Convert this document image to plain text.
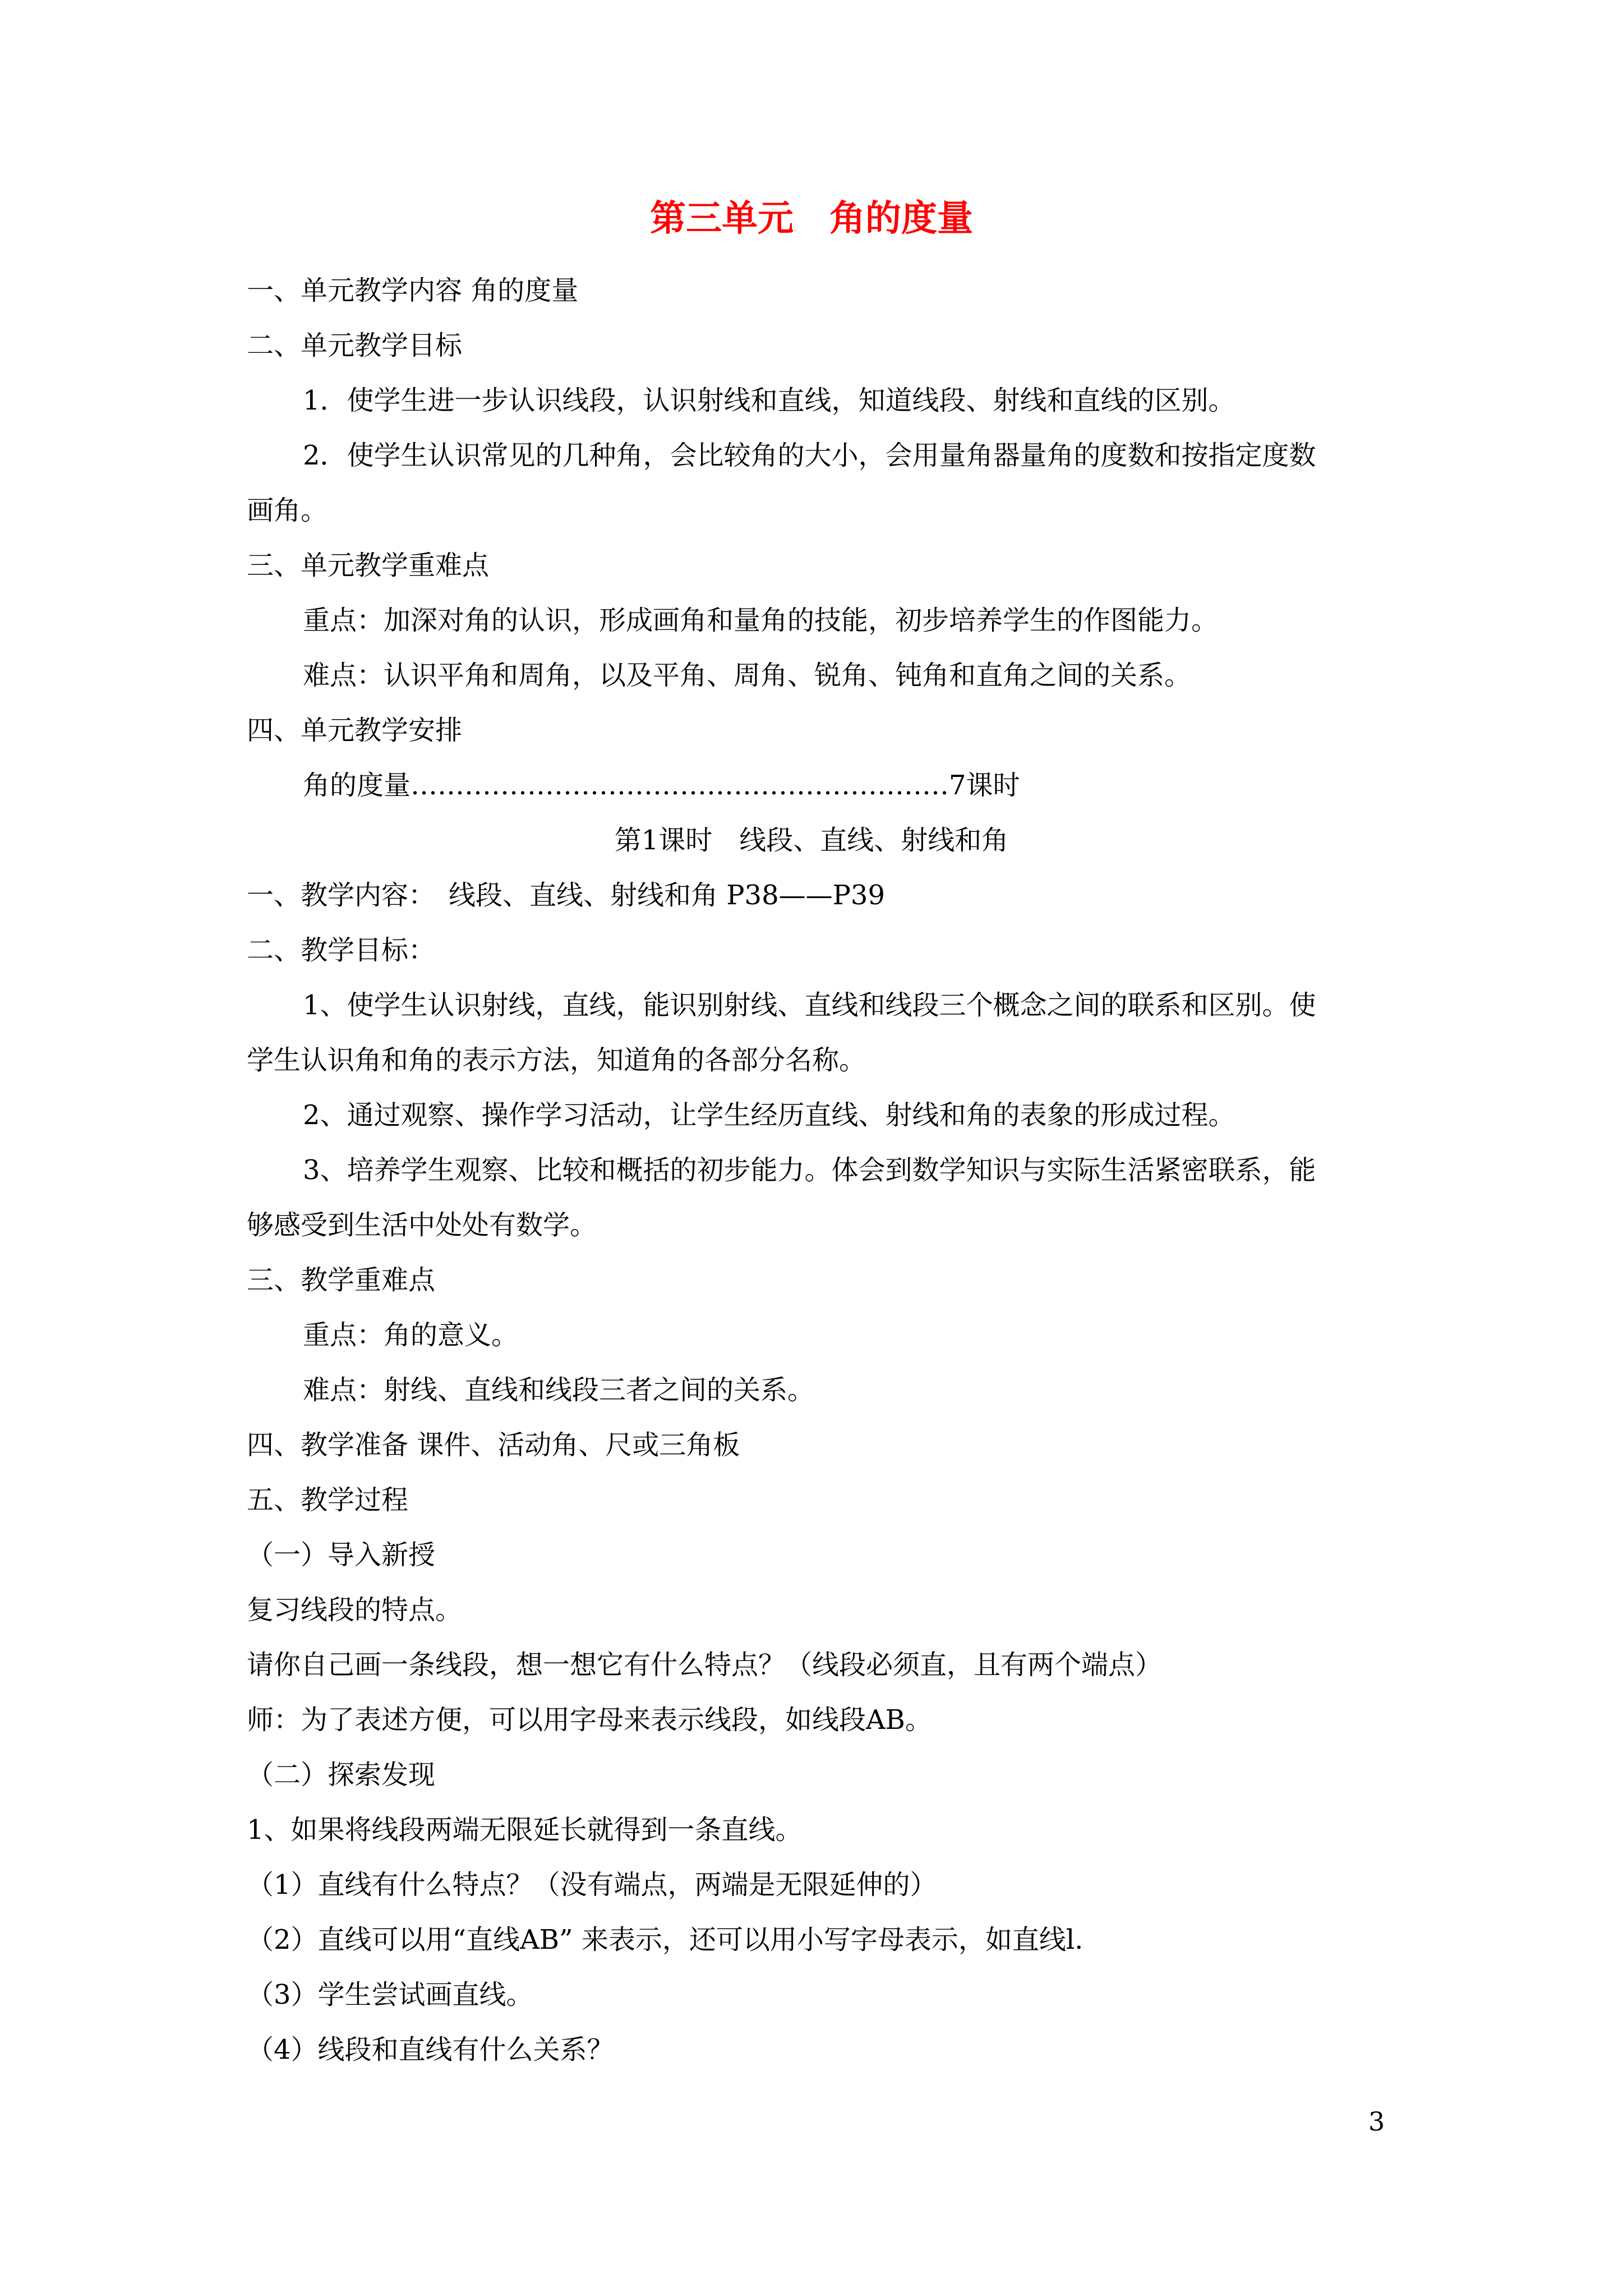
第三单元　角的度量
一、单元教学内容 角的度量
二、单元教学目标
1．使学生进一步认识线段，认识射线和直线，知道线段、射线和直线的区别。
2．使学生认识常见的几种角，会比较角的大小，会用量角器量角的度数和按指定度数
画角。
三、单元教学重难点
重点：加深对角的认识，形成画角和量角的技能，初步培养学生的作图能力。
难点：认识平角和周角，以及平角、周角、锐角、钝角和直角之间的关系。
四、单元教学安排
角的度量……………………………………………………7课时
第1课时　线段、直线、射线和角
一、教学内容：　线段、直线、射线和角 P38——P39
二、教学目标：
1、使学生认识射线，直线，能识别射线、直线和线段三个概念之间的联系和区别。使
学生认识角和角的表示方法，知道角的各部分名称。
2、通过观察、操作学习活动，让学生经历直线、射线和角的表象的形成过程。
3、培养学生观察、比较和概括的初步能力。体会到数学知识与实际生活紧密联系，能
够感受到生活中处处有数学。
三、教学重难点
重点：角的意义。
难点：射线、直线和线段三者之间的关系。
四、教学准备 课件、活动角、尺或三角板
五、教学过程
（一）导入新授
复习线段的特点。
请你自己画一条线段，想一想它有什么特点？（线段必须直，且有两个端点）
师：为了表述方便，可以用字母来表示线段，如线段AB。
（二）探索发现
1、如果将线段两端无限延长就得到一条直线。
（1）直线有什么特点？（没有端点，两端是无限延伸的）
（2）直线可以用“直线AB” 来表示，还可以用小写字母表示，如直线l.
（3）学生尝试画直线。
（4）线段和直线有什么关系？
3
